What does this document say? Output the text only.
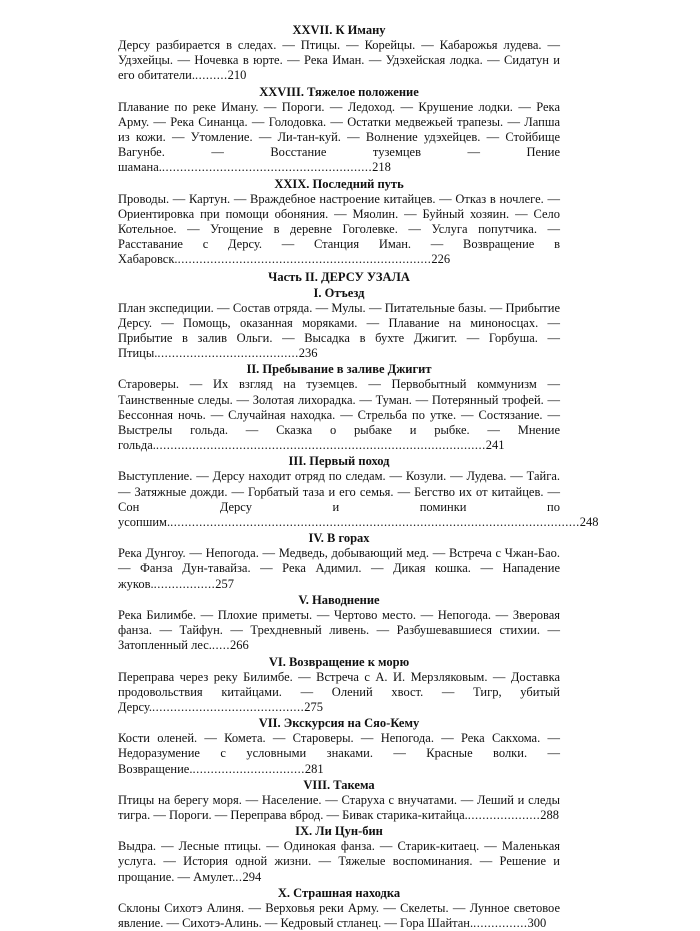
XXVII. К Иману

Дерсу разбирается в следах. — Птицы. — Корейцы. — Кабарожья лудева. — Удэхейцы. — Ночевка в юрте. — Река Иман. — Удэхейская лодка. — Сидатун и его обитатели..........210

XXVIII. Тяжелое положение

Плавание по реке Иману. — Пороги. — Ледоход. — Крушение лодки. — Река Арму. — Река Синанца. — Голодовка. — Остатки медвежьей трапезы. — Лапша из кожи. — Утомление. — Ли-тан-куй. — Волнение удэхейцев. — Стойбище Вагунбе. — Восстание туземцев — Пение шамана...........................................................218

XXIX. Последний путь

Проводы. — Картун. — Враждебное настроение китайцев. — Отказ в ночлеге. — Ориентировка при помощи обоняния. — Мяолин. — Буйный хозяин. — Село Котельное. — Угощение в деревне Гоголевке. — Услуга попутчика. — Расставание с Дерсу. — Станция Иман. — Возвращение в Хабаровск.......................................................................226

Часть II. ДЕРСУ УЗАЛА
I. Отъезд

План экспедиции. — Состав отряда. — Мулы. — Питательные базы. — Прибытие Дерсу. — Помощь, оказанная моряками. — Плавание на миноносцах. — Прибытие в залив Ольги. — Высадка в бухте Джигит. — Горбуша. — Птицы........................................236

II. Пребывание в заливе Джигит

Староверы. — Их взгляд на туземцев. — Первобытный коммунизм — Таинственные следы. — Золотая лихорадка. — Туман. — Потерянный трофей. — Бессонная ночь. — Случайная находка. — Стрельба по утке. — Состязание. — Выстрелы гольда. — Сказка о рыбаке и рыбке. — Мнение гольда............................................................................................241

III. Первый поход

Выступление. — Дерсу находит отряд по следам. — Козули. — Лудева. — Тайга. — Затяжные дожди. — Горбатый таза и его семья. — Бегство их от китайцев. — Сон Дерсу и поминки по усопшим..................................................................................................................248

IV. В горах

Река Дунгоу. — Непогода. — Медведь, добывающий мед. — Встреча с Чжан-Бао. — Фанза Дун-тавайза. — Река Адимил. — Дикая кошка. — Нападение жуков..................257

V. Наводнение

Река Билимбе. — Плохие приметы. — Чертово место. — Непогода. — Зверовая фанза. — Тайфун. — Трехдневный ливень. — Разбушевавшиеся стихии. — Затопленный лес......266

VI. Возвращение к морю

Переправа через реку Билимбе. — Встреча с А. И. Мерзляковым. — Доставка продовольствия китайцами. — Олений хвост. — Тигр, убитый Дерсу...........................................275

VII. Экскурсия на Сяо-Кему

Кости оленей. — Комета. — Староверы. — Непогода. — Река Сакхома. — Недоразумение с условными знаками. — Красные волки. — Возвращение................................281

VIII. Такема

Птицы на берегу моря. — Население. — Старуха с внучатами. — Леший и следы тигра. — Пороги. — Переправа вброд. — Бивак старика-китайца.....................288

IX. Ли Цун-бин

Выдра. — Лесные птицы. — Одинокая фанза. — Старик-китаец. — Маленькая услуга. — История одной жизни. — Тяжелые воспоминания. — Решение и прощание. — Амулет...294

X. Страшная находка

Склоны Сихотэ Алиня. — Верховья реки Арму. — Скелеты. — Лунное световое явление. — Сихотэ-Алинь. — Кедровый стланец. — Гора Шайтан................300
